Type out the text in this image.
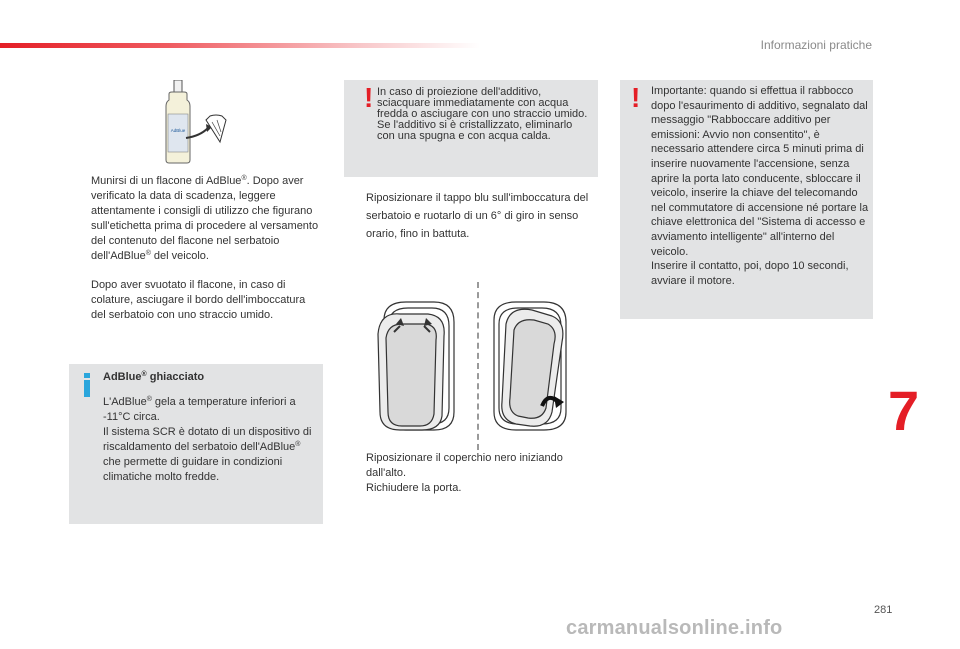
Informazioni pratiche
AdBlue
Munirsi di un flacone di AdBlue®. Dopo aver verificato la data di scadenza, leggere attentamente i consigli di utilizzo che figurano sull'etichetta prima di procedere al versamento del contenuto del flacone nel serbatoio dell'AdBlue® del veicolo.
Dopo aver svuotato il flacone, in caso di colature, asciugare il bordo dell'imboccatura del serbatoio con uno straccio umido.
AdBlue® ghiacciato
L'AdBlue® gela a temperature inferiori a -11°C circa.
Il sistema SCR è dotato di un dispositivo di riscaldamento del serbatoio dell'AdBlue® che permette di guidare in condizioni climatiche molto fredde.
! In caso di proiezione dell'additivo, sciacquare immediatamente con acqua fredda o asciugare con uno straccio umido.
Se l'additivo si è cristallizzato, eliminarlo con una spugna e con acqua calda.
Riposizionare il tappo blu sull'imboccatura del serbatoio e ruotarlo di un 6° di giro in senso orario, fino in battuta.
Riposizionare il coperchio nero iniziando dall'alto.
Richiudere la porta.
! Importante: quando si effettua il rabbocco dopo l'esaurimento di additivo, segnalato dal messaggio "Rabboccare additivo per emissioni: Avvio non consentito", è necessario attendere circa 5 minuti prima di inserire nuovamente l'accensione, senza aprire la porta lato conducente, sbloccare il veicolo, inserire la chiave del telecomando nel commutatore di accensione né portare la chiave elettronica del "Sistema di accesso e avviamento intelligente" all'interno del veicolo.
Inserire il contatto, poi, dopo 10 secondi, avviare il motore.
7
281
carmanualsonline.info
